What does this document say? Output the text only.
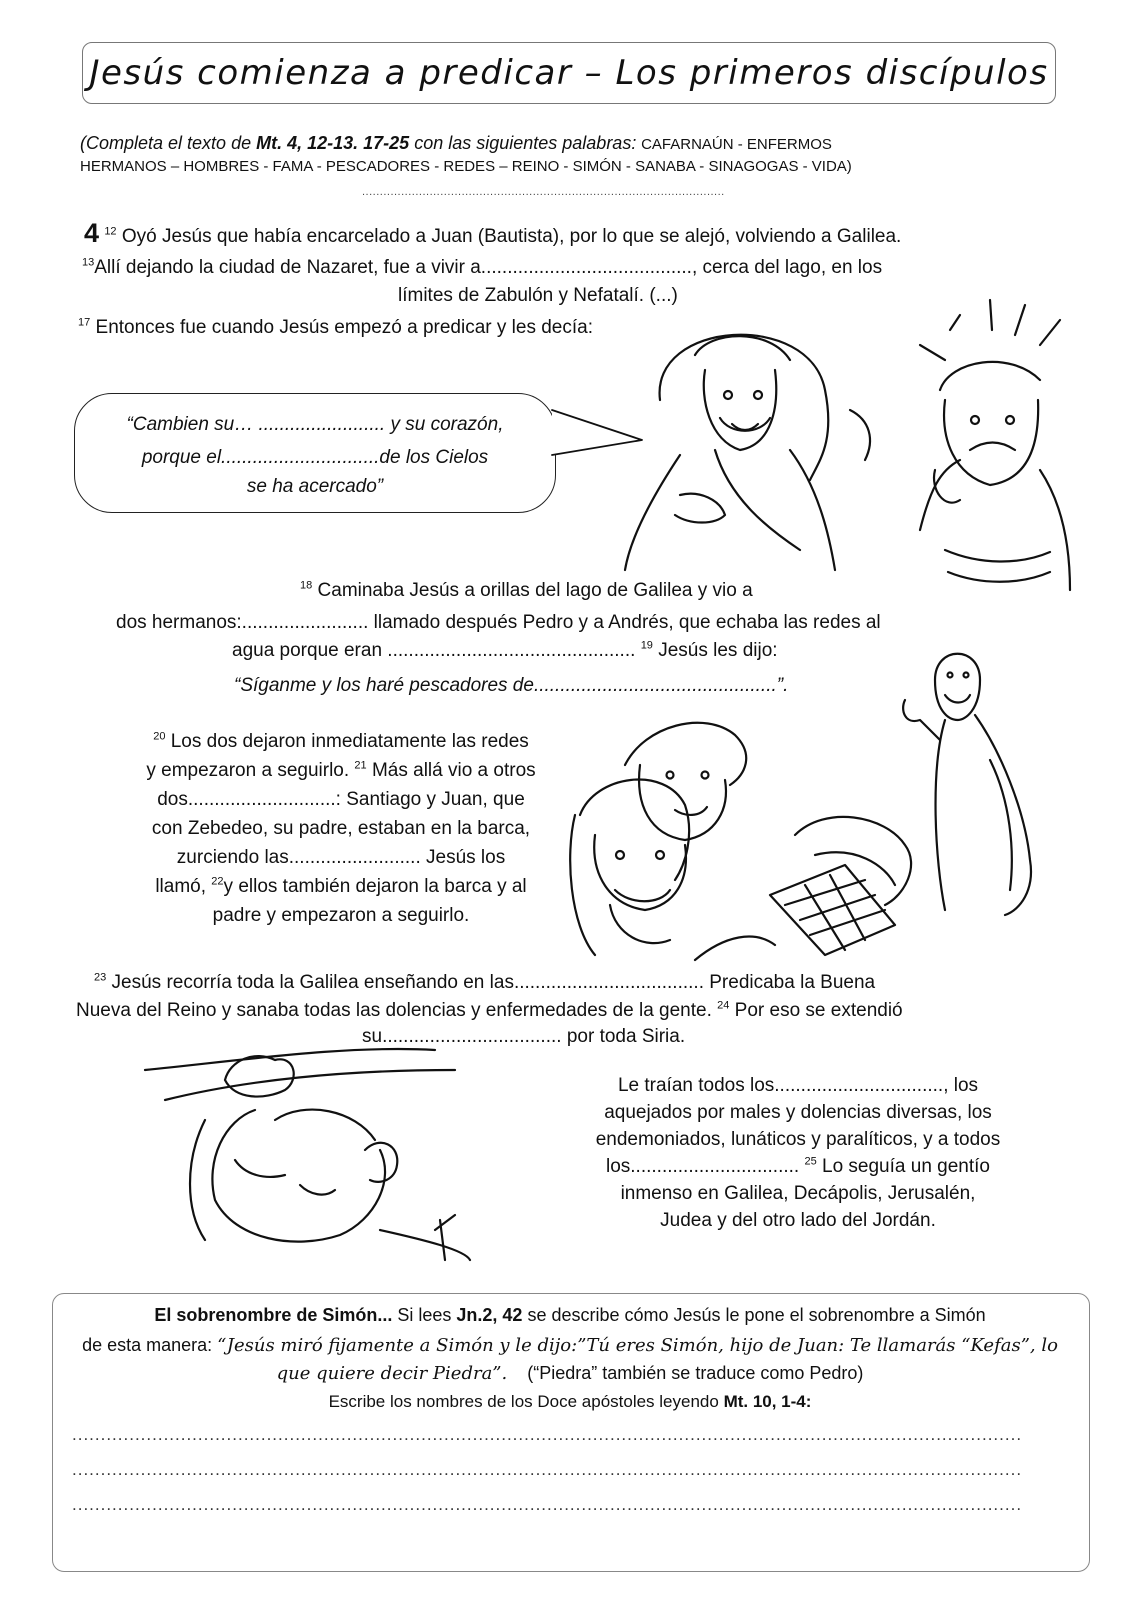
Jesús comienza a predicar – Los primeros discípulos
(Completa el texto de Mt. 4, 12-13. 17-25 con las siguientes palabras: CAFARNAÚN - ENFERMOS
HERMANOS – HOMBRES - FAMA - PESCADORES - REDES – REINO - SIMÓN - SANABA - SINAGOGAS - VIDA)
......................................................................................................
4 $^{12}$ Oyó Jesús que había encarcelado a Juan (Bautista), por lo que se alejó, volviendo a Galilea.
$^{13}$Allí dejando la ciudad de Nazaret, fue a vivir a........................................, cerca del lago, en los
límites de Zabulón y Nefatalí. (...)
$^{17}$ Entonces fue cuando Jesús empezó a predicar y les decía:
“Cambien su… ........................ y su corazón,
porque el..............................de los Cielos
se ha acercado”
$^{18}$ Caminaba Jesús a orillas del lago de Galilea y vio a
dos hermanos:........................ llamado después Pedro y a Andrés, que echaba las redes al
agua porque eran ............................................... $^{19}$ Jesús les dijo:
“Síganme y los haré pescadores de..............................................”.
$^{20}$ Los dos dejaron inmediatamente las redes
y empezaron a seguirlo. $^{21}$ Más allá vio a otros
dos............................: Santiago y Juan, que
con Zebedeo, su padre, estaban en la barca,
zurciendo las......................... Jesús los
llamó, $^{22}$y ellos también dejaron la barca y al
padre y empezaron a seguirlo.
$^{23}$ Jesús recorría toda la Galilea enseñando en las.................................... Predicaba la Buena
Nueva del Reino y sanaba todas las dolencias y enfermedades de la gente. $^{24}$ Por eso se extendió
su.................................. por toda Siria.
Le traían todos los................................, los
aquejados por males y dolencias diversas, los
endemoniados, lunáticos y paralíticos, y a todos
los................................ $^{25}$ Lo seguía un gentío
inmenso en Galilea, Decápolis, Jerusalén,
Judea y del otro lado del Jordán.
El sobrenombre de Simón... Si lees Jn.2, 42 se describe cómo Jesús le pone el sobrenombre a Simón
de esta manera: “Jesús miró fijamente a Simón y le dijo:”Tú eres Simón, hijo de Juan: Te llamarás “Kefas”, lo
que quiere decir Piedra”. (“Piedra” también se traduce como Pedro)
Escribe los nombres de los Doce apóstoles leyendo Mt. 10, 1-4:
......................................................................................................................................................................
......................................................................................................................................................................
......................................................................................................................................................................
